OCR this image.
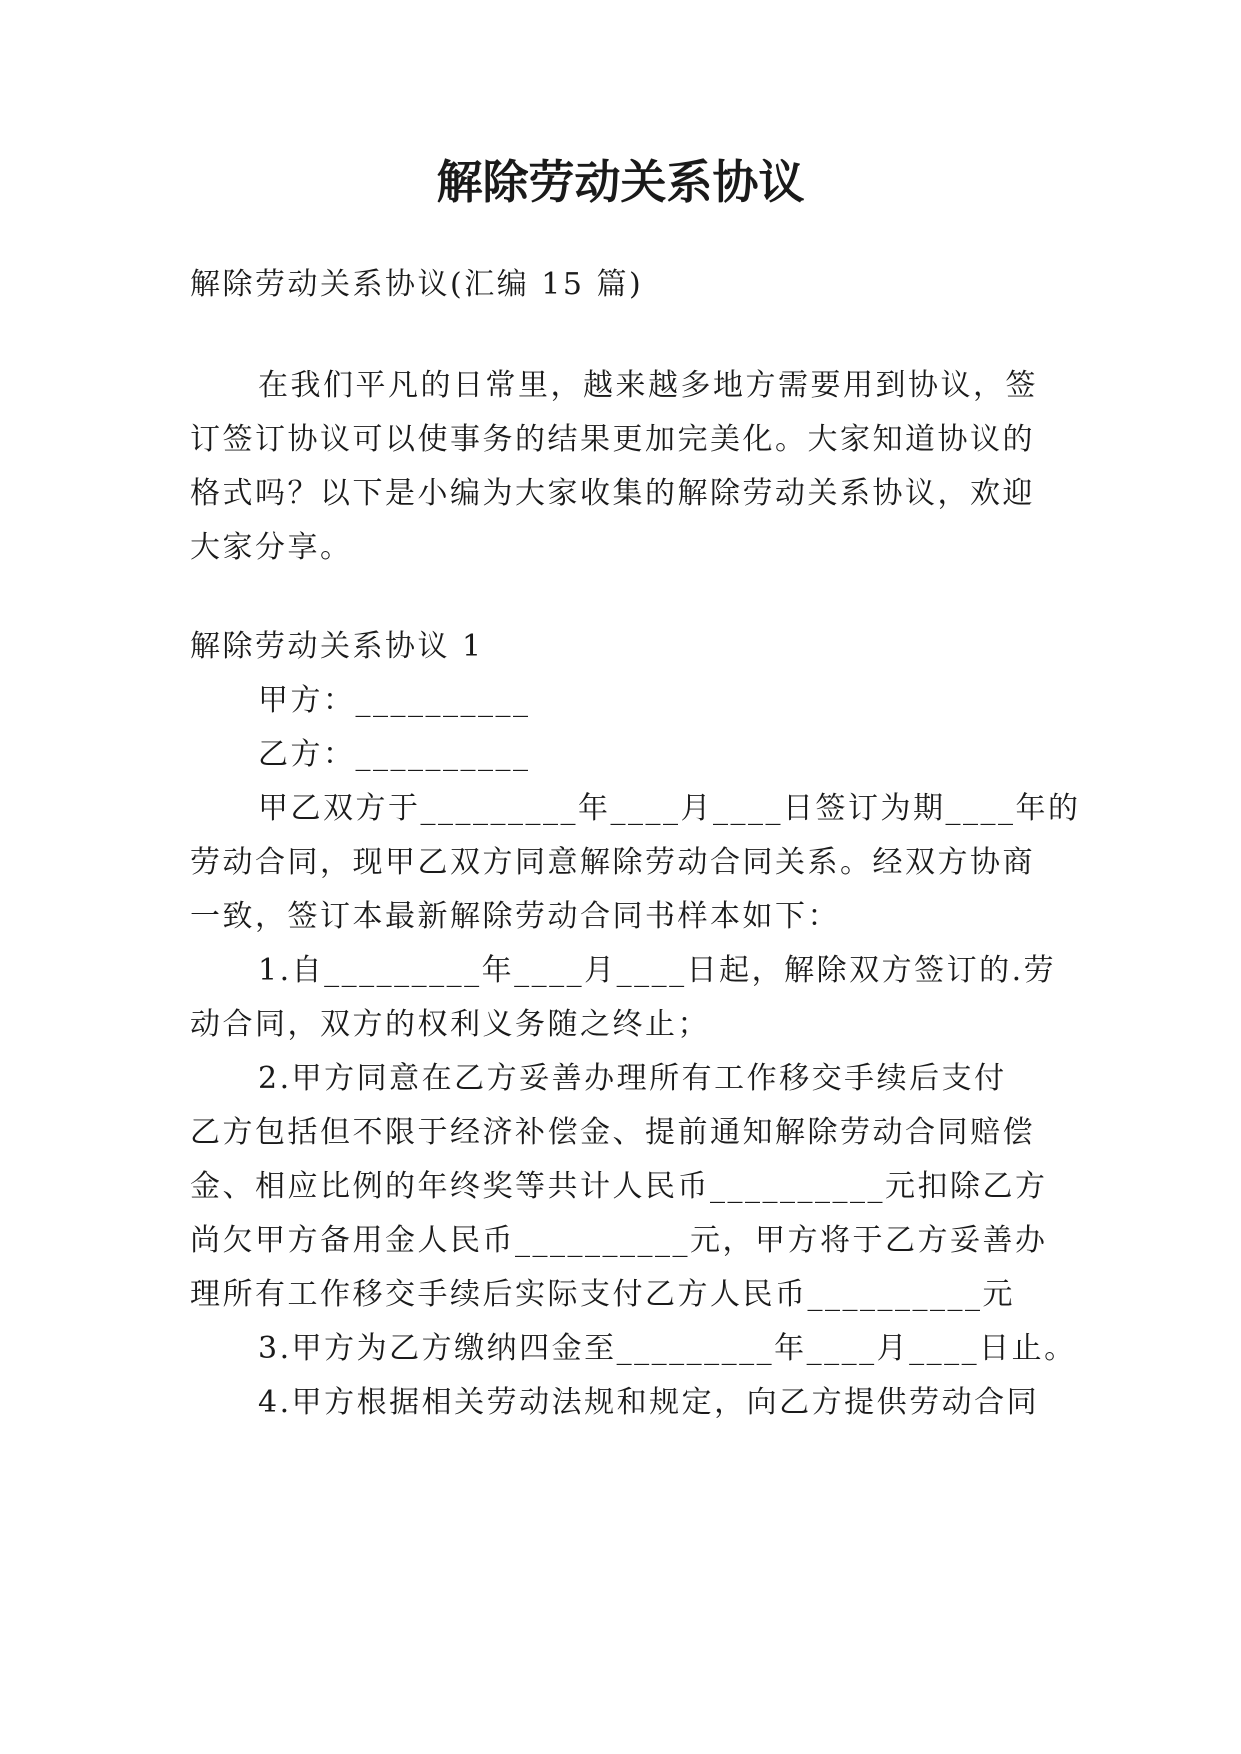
解除劳动关系协议
解除劳动关系协议(汇编 15 篇)
在我们平凡的日常里，越来越多地方需要用到协议，签
订签订协议可以使事务的结果更加完美化。大家知道协议的
格式吗？以下是小编为大家收集的解除劳动关系协议，欢迎
大家分享。
解除劳动关系协议 1
甲方：__________
乙方：__________
甲乙双方于_________年____月____日签订为期____年的
劳动合同，现甲乙双方同意解除劳动合同关系。经双方协商
一致，签订本最新解除劳动合同书样本如下：
1.自_________年____月____日起，解除双方签订的.劳
动合同，双方的权利义务随之终止；
2.甲方同意在乙方妥善办理所有工作移交手续后支付
乙方包括但不限于经济补偿金、提前通知解除劳动合同赔偿
金、相应比例的年终奖等共计人民币__________元扣除乙方
尚欠甲方备用金人民币__________元，甲方将于乙方妥善办
理所有工作移交手续后实际支付乙方人民币__________元
3.甲方为乙方缴纳四金至_________年____月____日止。
4.甲方根据相关劳动法规和规定，向乙方提供劳动合同
